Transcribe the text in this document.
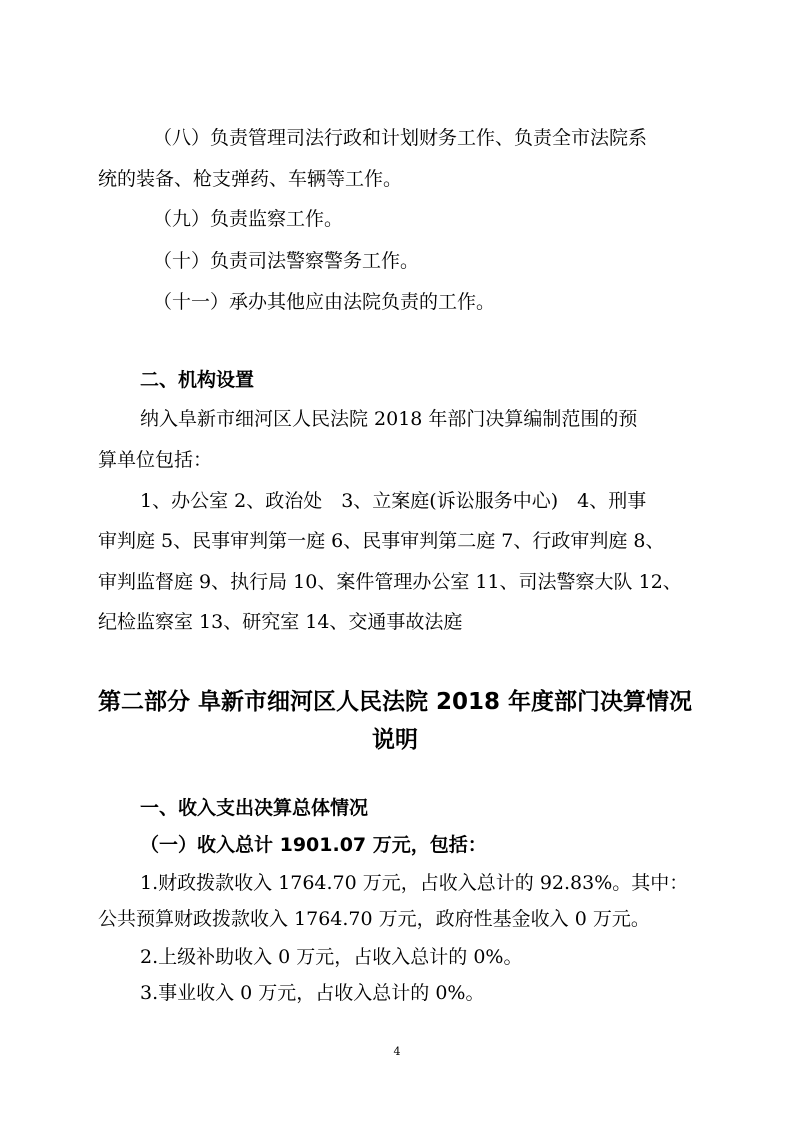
（八）负责管理司法行政和计划财务工作、负责全市法院系
统的装备、枪支弹药、车辆等工作。
（九）负责监察工作。
（十）负责司法警察警务工作。
（十一）承办其他应由法院负责的工作。
二、机构设置
纳入阜新市细河区人民法院 2018 年部门决算编制范围的预
算单位包括：
1、办公室 2、政治处　3、立案庭(诉讼服务中心)　4、刑事
审判庭 5、民事审判第一庭 6、民事审判第二庭 7、行政审判庭 8、
审判监督庭 9、执行局 10、案件管理办公室 11、司法警察大队 12、
纪检监察室 13、研究室 14、交通事故法庭
第二部分 阜新市细河区人民法院 2018 年度部门决算情况
说明
一、收入支出决算总体情况
（一）收入总计 1901.07 万元，包括：
1.财政拨款收入 1764.70 万元，占收入总计的 92.83%。其中：
公共预算财政拨款收入 1764.70 万元，政府性基金收入 0 万元。
2.上级补助收入 0 万元，占收入总计的 0%。
3.事业收入 0 万元，占收入总计的 0%。
4
